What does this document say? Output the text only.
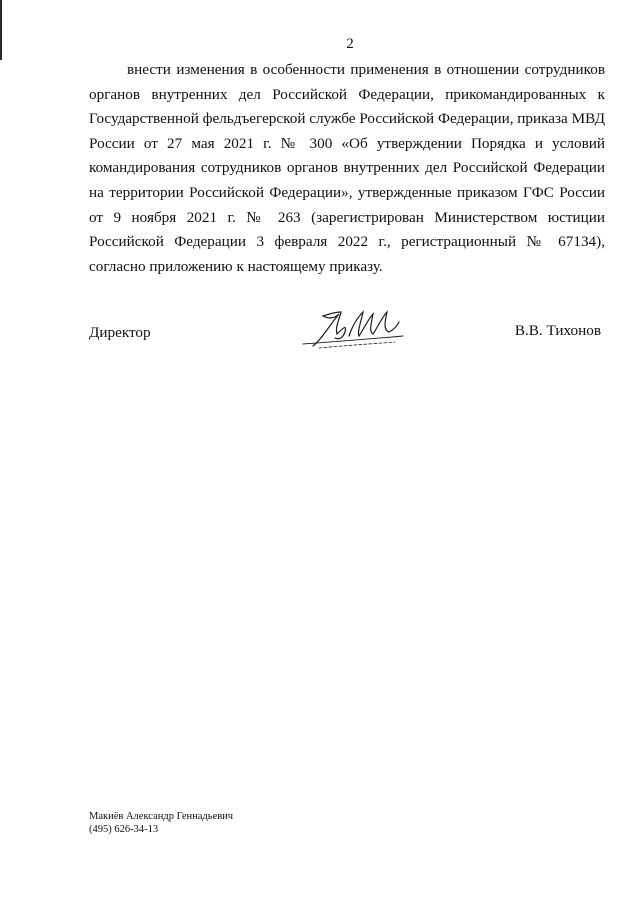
2

внести изменения в особенности применения в отношении сотрудников органов внутренних дел Российской Федерации, прикомандированных к Государственной фельдъегерской службе Российской Федерации, приказа МВД России от 27 мая 2021 г. № 300 «Об утверждении Порядка и условий командирования сотрудников органов внутренних дел Российской Федерации на территории Российской Федерации», утвержденные приказом ГФС России от 9 ноября 2021 г. № 263 (зарегистрирован Министерством юстиции Российской Федерации 3 февраля 2022 г., регистрационный № 67134), согласно приложению к настоящему приказу.

Директор	В.В. Тихонов
Макиёв Александр Геннадьевич
(495) 626-34-13
